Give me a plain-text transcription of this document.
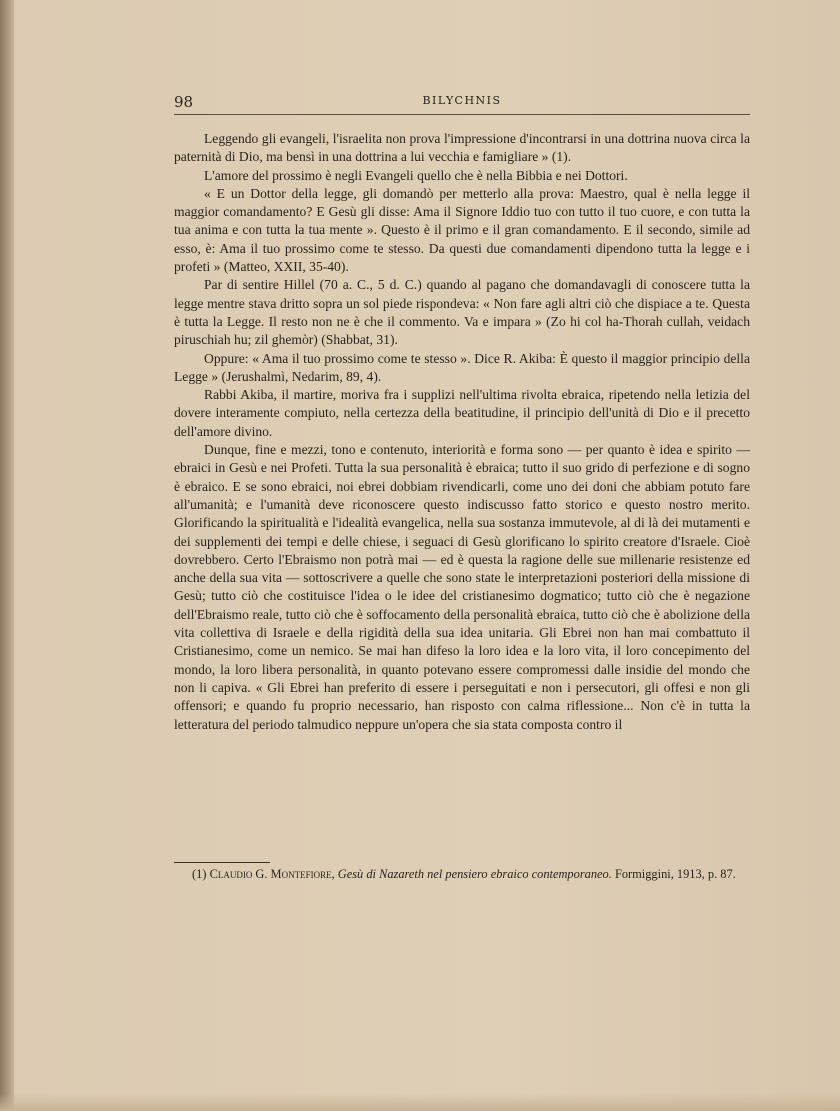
98	BILYCHNIS

Leggendo gli evangeli, l'israelita non prova l'impressione d'incontrarsi in una dottrina nuova circa la paternità di Dio, ma bensì in una dottrina a lui vecchia e famigliare » (1).

L'amore del prossimo è negli Evangeli quello che è nella Bibbia e nei Dottori.

« E un Dottor della legge, gli domandò per metterlo alla prova: Maestro, qual è nella legge il maggior comandamento? E Gesù gli disse: Ama il Signore Iddio tuo con tutto il tuo cuore, e con tutta la tua anima e con tutta la tua mente ». Questo è il primo e il gran comandamento. E il secondo, simile ad esso, è: Ama il tuo prossimo come te stesso. Da questi due comandamenti dipendono tutta la legge e i profeti » (Matteo, XXII, 35-40).

Par di sentire Hillel (70 a. C., 5 d. C.) quando al pagano che domandavagli di conoscere tutta la legge mentre stava dritto sopra un sol piede rispondeva: « Non fare agli altri ciò che dispiace a te. Questa è tutta la Legge. Il resto non ne è che il commento. Va e impara » (Zo hi col ha-Thorah cullah, veidach piruschiah hu; zil ghemòr) (Shabbat, 31).

Oppure: « Ama il tuo prossimo come te stesso ». Dice R. Akiba: È questo il maggior principio della Legge » (Jerushalmì, Nedarim, 89, 4).

Rabbi Akiba, il martire, moriva fra i supplizi nell'ultima rivolta ebraica, ripetendo nella letizia del dovere interamente compiuto, nella certezza della beatitudine, il principio dell'unità di Dio e il precetto dell'amore divino.

Dunque, fine e mezzi, tono e contenuto, interiorità e forma sono — per quanto è idea e spirito — ebraici in Gesù e nei Profeti. Tutta la sua personalità è ebraica; tutto il suo grido di perfezione e di sogno è ebraico. E se sono ebraici, noi ebrei dobbiam rivendicarli, come uno dei doni che abbiam potuto fare all'umanità; e l'umanità deve riconoscere questo indiscusso fatto storico e questo nostro merito. Glorificando la spiritualità e l'idealità evangelica, nella sua sostanza immutevole, al di là dei mutamenti e dei supplementi dei tempi e delle chiese, i seguaci di Gesù glorificano lo spirito creatore d'Israele. Cioè dovrebbero. Certo l'Ebraismo non potrà mai — ed è questa la ragione delle sue millenarie resistenze ed anche della sua vita — sottoscrivere a quelle che sono state le interpretazioni posteriori della missione di Gesù; tutto ciò che costituisce l'idea o le idee del cristianesimo dogmatico; tutto ciò che è negazione dell'Ebraismo reale, tutto ciò che è soffocamento della personalità ebraica, tutto ciò che è abolizione della vita collettiva di Israele e della rigidità della sua idea unitaria. Gli Ebrei non han mai combattuto il Cristianesimo, come un nemico. Se mai han difeso la loro idea e la loro vita, il loro concepimento del mondo, la loro libera personalità, in quanto potevano essere compromessi dalle insidie del mondo che non li capiva. « Gli Ebrei han preferito di essere i perseguitati e non i persecutori, gli offesi e non gli offensori; e quando fu proprio necessario, han risposto con calma riflessione... Non c'è in tutta la letteratura del periodo talmudico neppure un'opera che sia stata composta contro il

(1) Claudio G. Montefiore, Gesù di Nazareth nel pensiero ebraico contemporaneo. Formiggini, 1913, p. 87.
